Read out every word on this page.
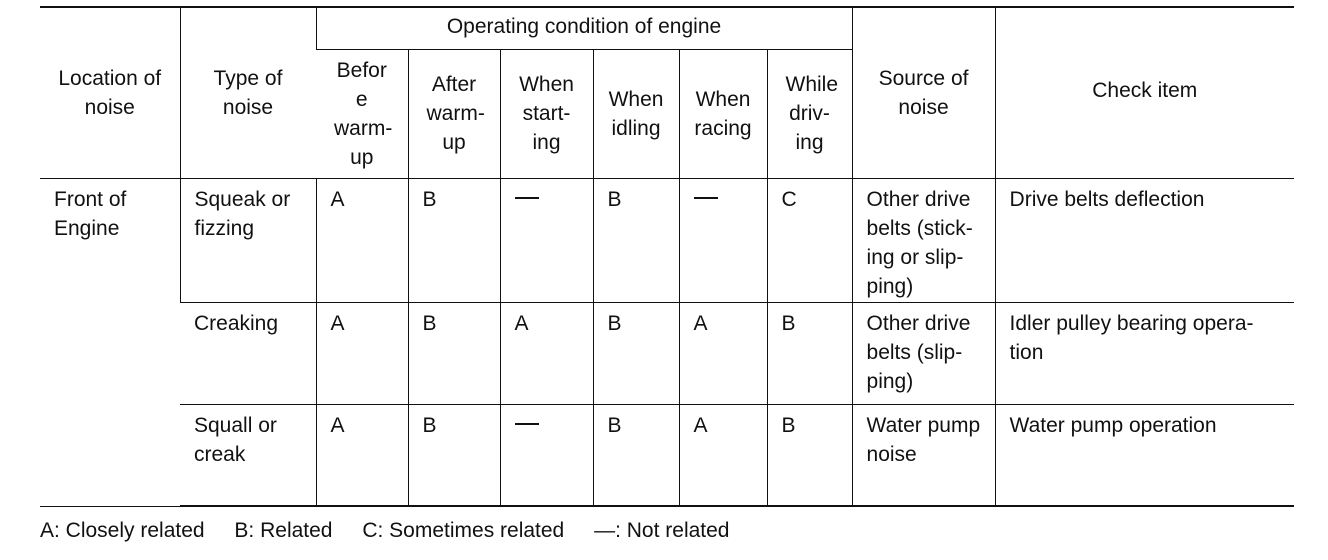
Location of noise	Type of noise	Operating condition of engine						Source of noise	Check item
		Befor e warm- up	After warm- up	When start- ing	When idling	When racing	While driv- ing		
Front of Engine	Squeak or fizzing	A	B		B		C	Other drive belts (stick- ing or slip- ping)	Drive belts deflection
	Creaking	A	B	A	B	A	B	Other drive belts (slip- ping)	Idler pulley bearing opera- tion
	Squall or creak	A	B		B	A	B	Water pump noise	Water pump operation
A: Closely related B: Related C: Sometimes related —: Not related
